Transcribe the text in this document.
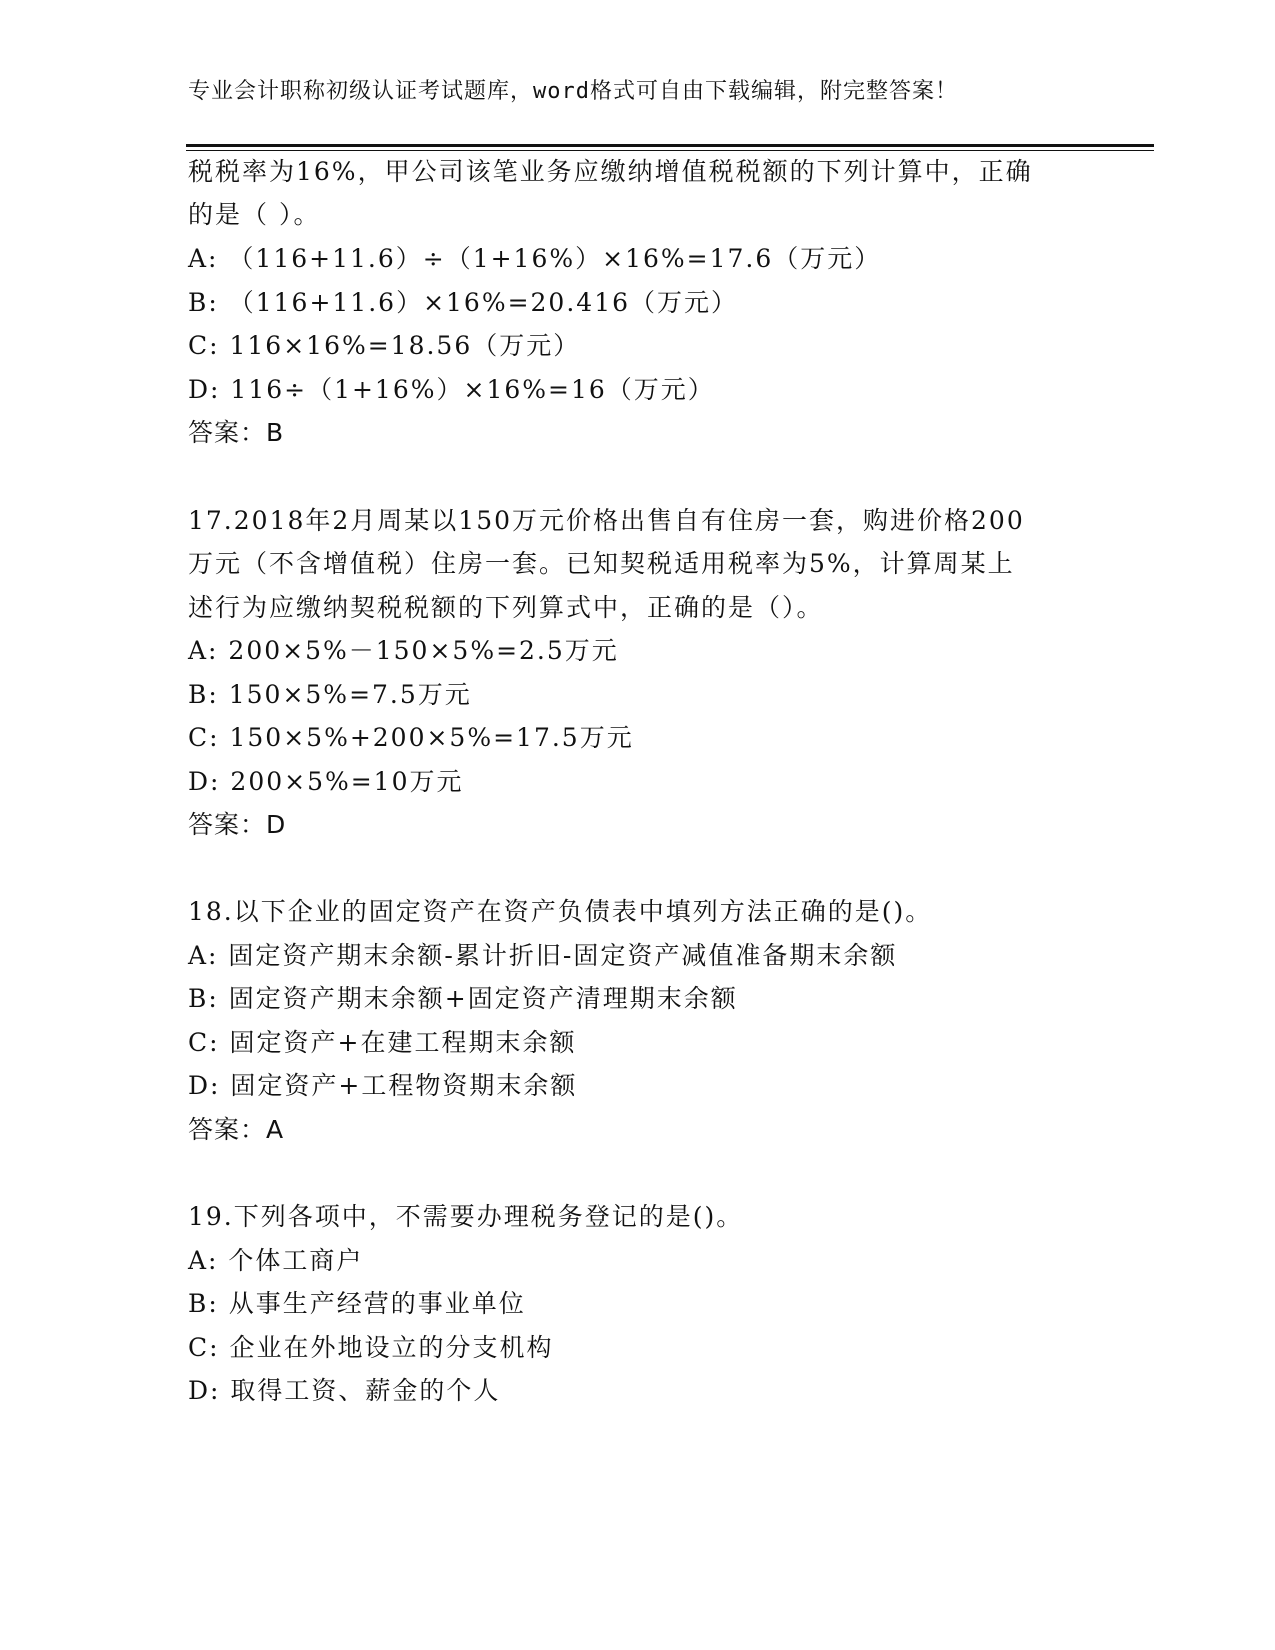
专业会计职称初级认证考试题库，word格式可自由下载编辑，附完整答案！
税税率为16%，甲公司该笔业务应缴纳增值税税额的下列计算中，正确
的是（ ）。
A: （116+11.6）÷（1+16%）×16%=17.6（万元）
B: （116+11.6）×16%=20.416（万元）
C: 116×16%=18.56（万元）
D: 116÷（1+16%）×16%=16（万元）
答案：B
17.2018年2月周某以150万元价格出售自有住房一套，购进价格200
万元（不含增值税）住房一套。已知契税适用税率为5%，计算周某上
述行为应缴纳契税税额的下列算式中，正确的是（）。
A: 200×5%－150×5%=2.5万元
B: 150×5%=7.5万元
C: 150×5%+200×5%=17.5万元
D: 200×5%=10万元
答案：D
18.以下企业的固定资产在资产负债表中填列方法正确的是()。
A: 固定资产期末余额-累计折旧-固定资产减值准备期末余额
B: 固定资产期末余额+固定资产清理期末余额
C: 固定资产+在建工程期末余额
D: 固定资产+工程物资期末余额
答案：A
19.下列各项中，不需要办理税务登记的是()。
A: 个体工商户
B: 从事生产经营的事业单位
C: 企业在外地设立的分支机构
D: 取得工资、薪金的个人
